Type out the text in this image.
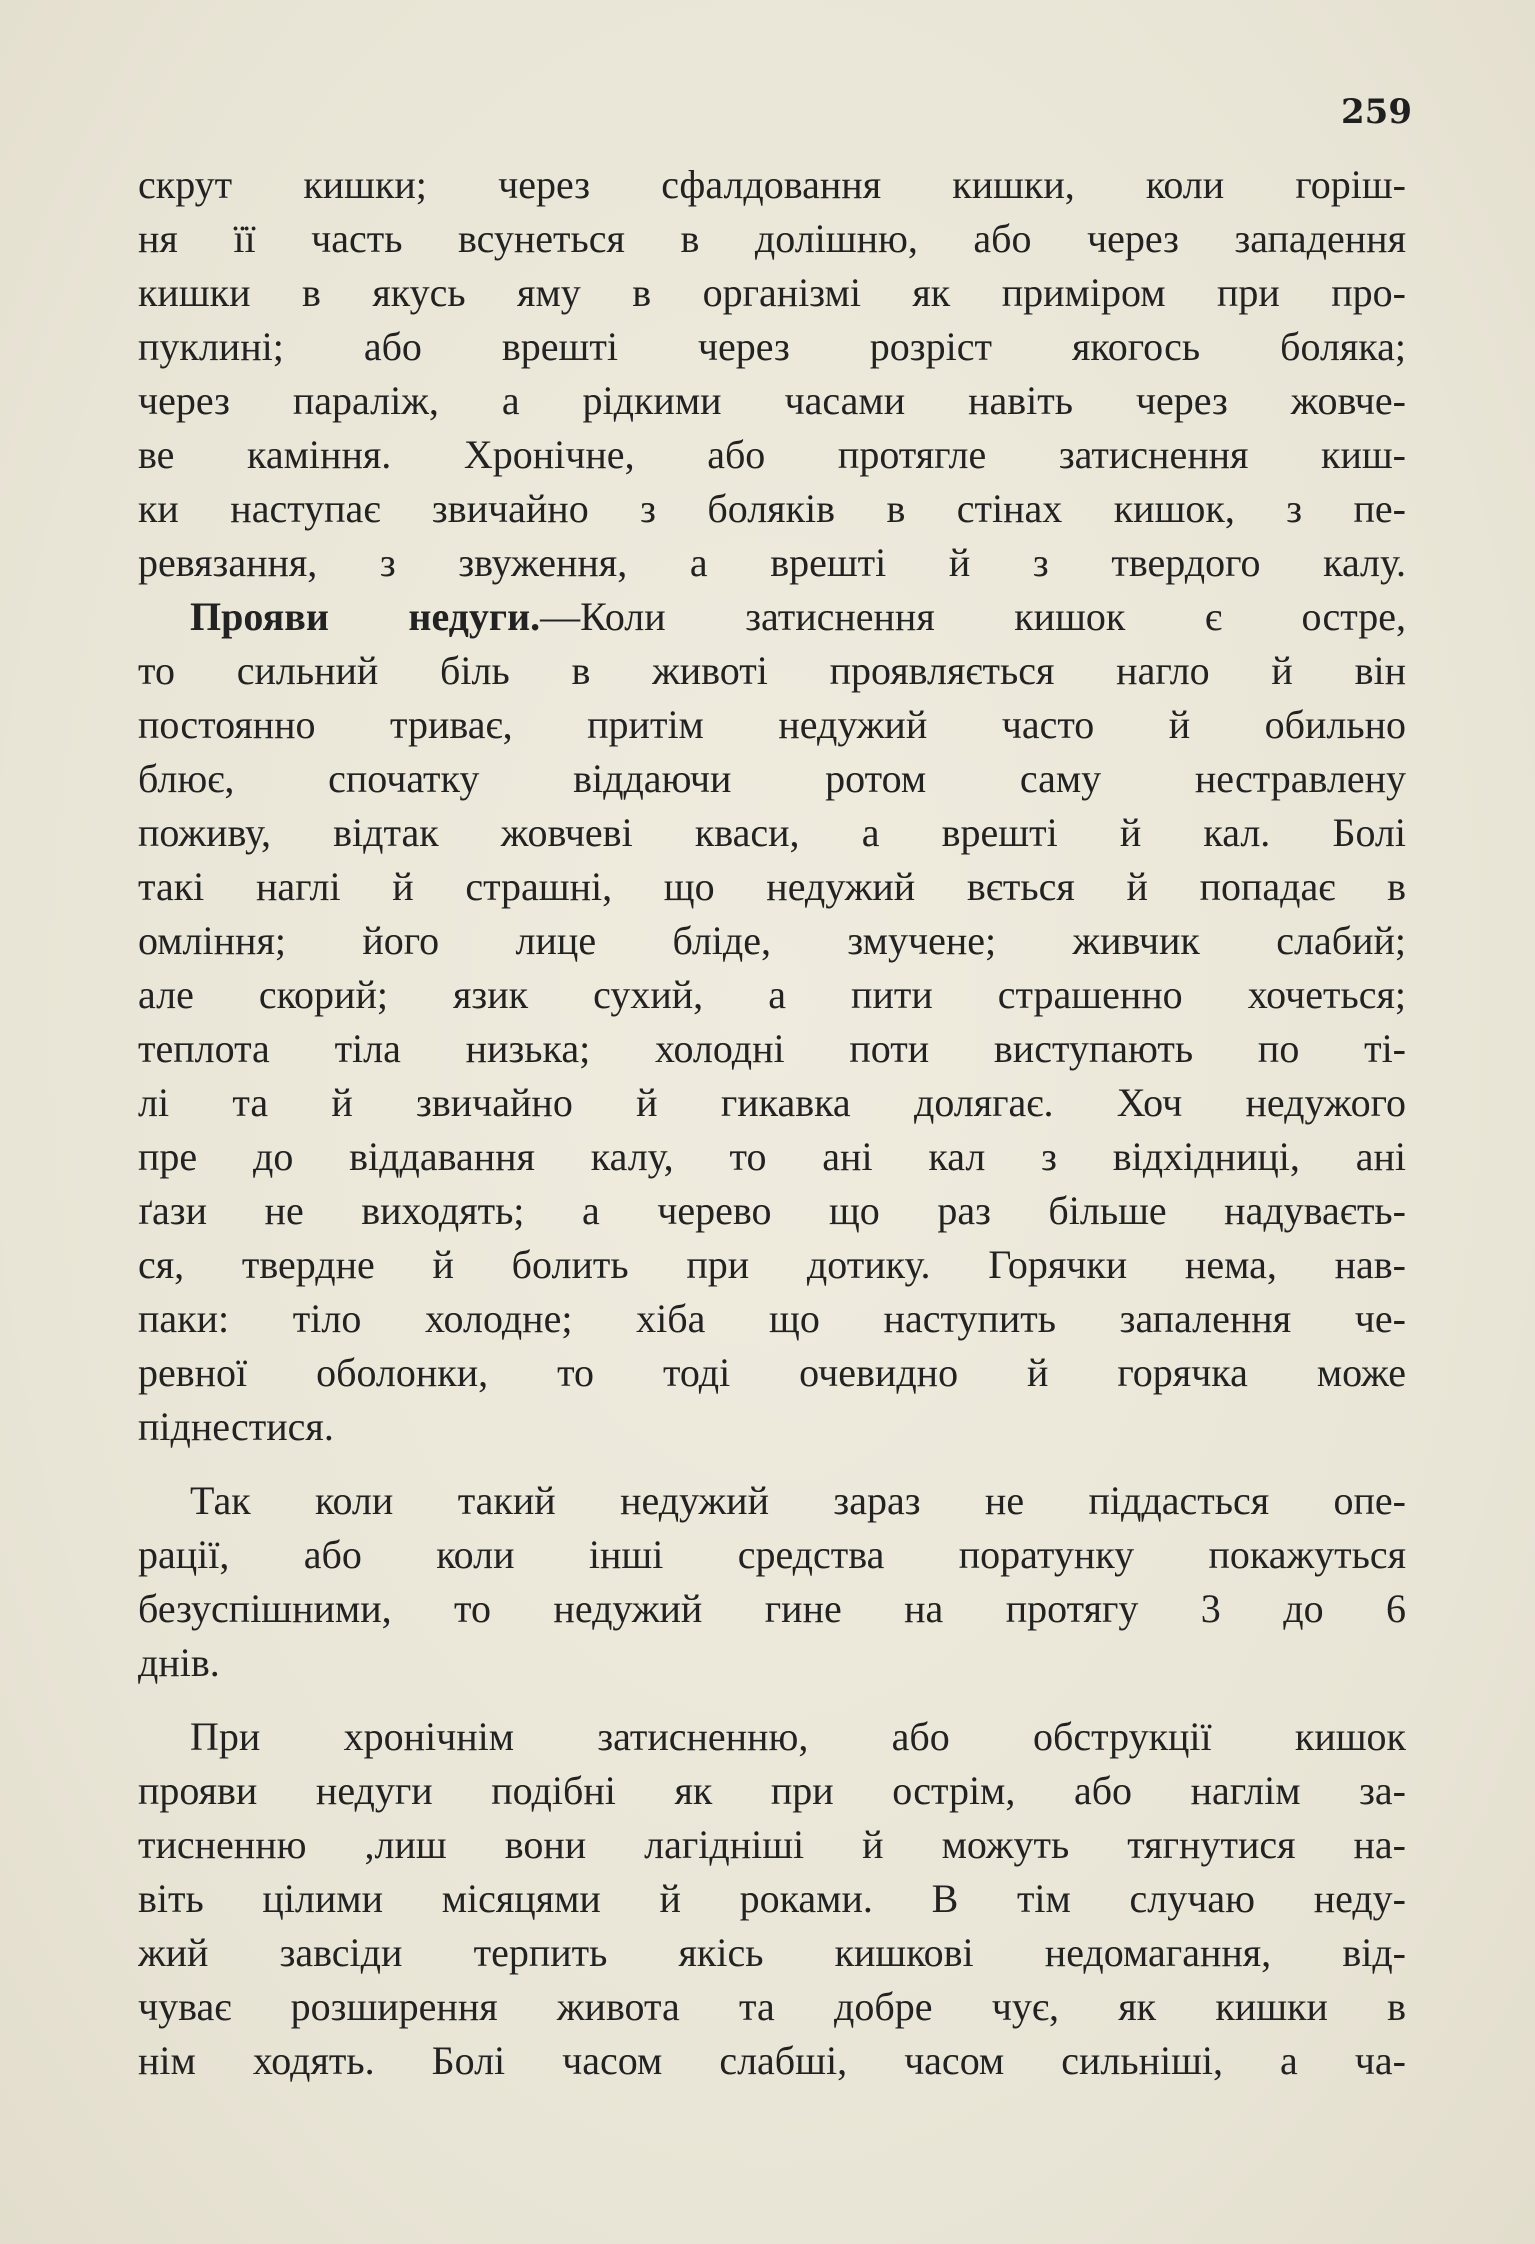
259
скрут кишки; через сфалдовання кишки, коли горіш-
ня її часть всунеться в долішню, або через западення
кишки в якусь яму в організмі як приміром при про-
пуклині; або врешті через розріст якогось боляка;
через параліж, а рідкими часами навіть через жовче-
ве каміння. Хронічне, або протягле затиснення киш-
ки наступає звичайно з боляків в стінах кишок, з пе-
ревязання, з звуження, а врешті й з твердого калу.
Прояви недуги.—Коли затиснення кишок є остре,
то сильний біль в животі проявляється нагло й він
постоянно триває, притім недужий часто й обильно
блює, спочатку віддаючи ротом саму нестравлену
поживу, відтак жовчеві кваси, а врешті й кал. Болі
такі наглі й страшні, що недужий вється й попадає в
омління; його лице бліде, змучене; живчик слабий;
але скорий; язик сухий, а пити страшенно хочеться;
теплота тіла низька; холодні поти виступають по ті-
лі та й звичайно й гикавка долягає. Хоч недужого
пре до віддавання калу, то ані кал з відхідниці, ані
ґази не виходять; а черево що раз більше надуваєть-
ся, твердне й болить при дотику. Горячки нема, нав-
паки: тіло холодне; хіба що наступить запалення че-
ревної оболонки, то тоді очевидно й горячка може
піднестися.
Так коли такий недужий зараз не піддасться опе-
рації, або коли інші средства поратунку покажуться
безуспішними, то недужий гине на протягу 3 до 6
днів.
При хронічнім затисненню, або обструкції кишок
прояви недуги подібні як при острім, або наглім за-
тисненню ,лиш вони лагідніші й можуть тягнутися на-
віть цілими місяцями й роками. В тім случаю неду-
жий завсіди терпить якісь кишкові недомагання, від-
чуває розширення живота та добре чує, як кишки в
нім ходять. Болі часом слабші, часом сильніші, а ча-
